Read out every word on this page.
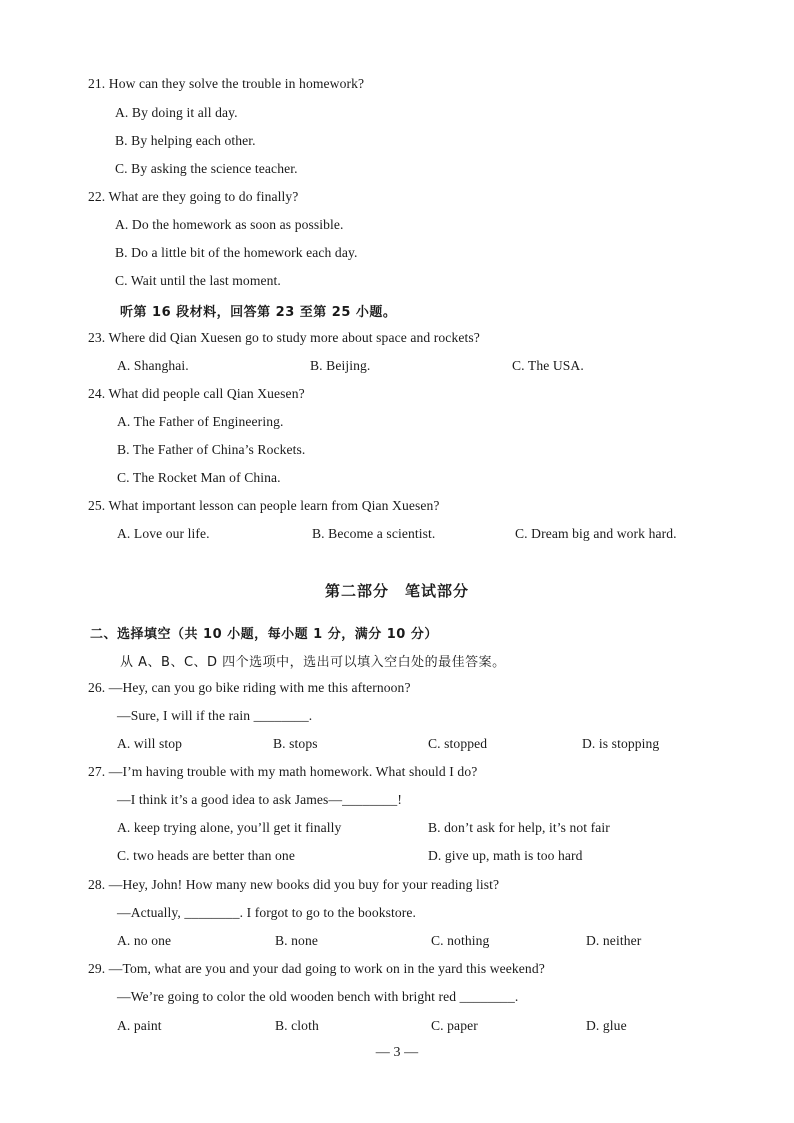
21. How can they solve the trouble in homework?
A. By doing it all day.
B. By helping each other.
C. By asking the science teacher.
22. What are they going to do finally?
A. Do the homework as soon as possible.
B. Do a little bit of the homework each day.
C. Wait until the last moment.
听第 16 段材料，回答第 23 至第 25 小题。
23. Where did Qian Xuesen go to study more about space and rockets?
A. Shanghai.	B. Beijing.	C. The USA.
24. What did people call Qian Xuesen?
A. The Father of Engineering.
B. The Father of China’s Rockets.
C. The Rocket Man of China.
25. What important lesson can people learn from Qian Xuesen?
A. Love our life.	B. Become a scientist.	C. Dream big and work hard.
第二部分　笔试部分
二、选择填空（共 10 小题，每小题 1 分，满分 10 分）
从 A、B、C、D 四个选项中，选出可以填入空白处的最佳答案。
26. —Hey, can you go bike riding with me this afternoon?
—Sure, I will if the rain ________.
A. will stop	B. stops	C. stopped	D. is stopping
27. —I’m having trouble with my math homework. What should I do?
—I think it’s a good idea to ask James—________!
A. keep trying alone, you’ll get it finally	B. don’t ask for help, it’s not fair
C. two heads are better than one	D. give up, math is too hard
28. —Hey, John! How many new books did you buy for your reading list?
—Actually, ________. I forgot to go to the bookstore.
A. no one	B. none	C. nothing	D. neither
29. —Tom, what are you and your dad going to work on in the yard this weekend?
—We’re going to color the old wooden bench with bright red ________.
A. paint	B. cloth	C. paper	D. glue
— 3 —
